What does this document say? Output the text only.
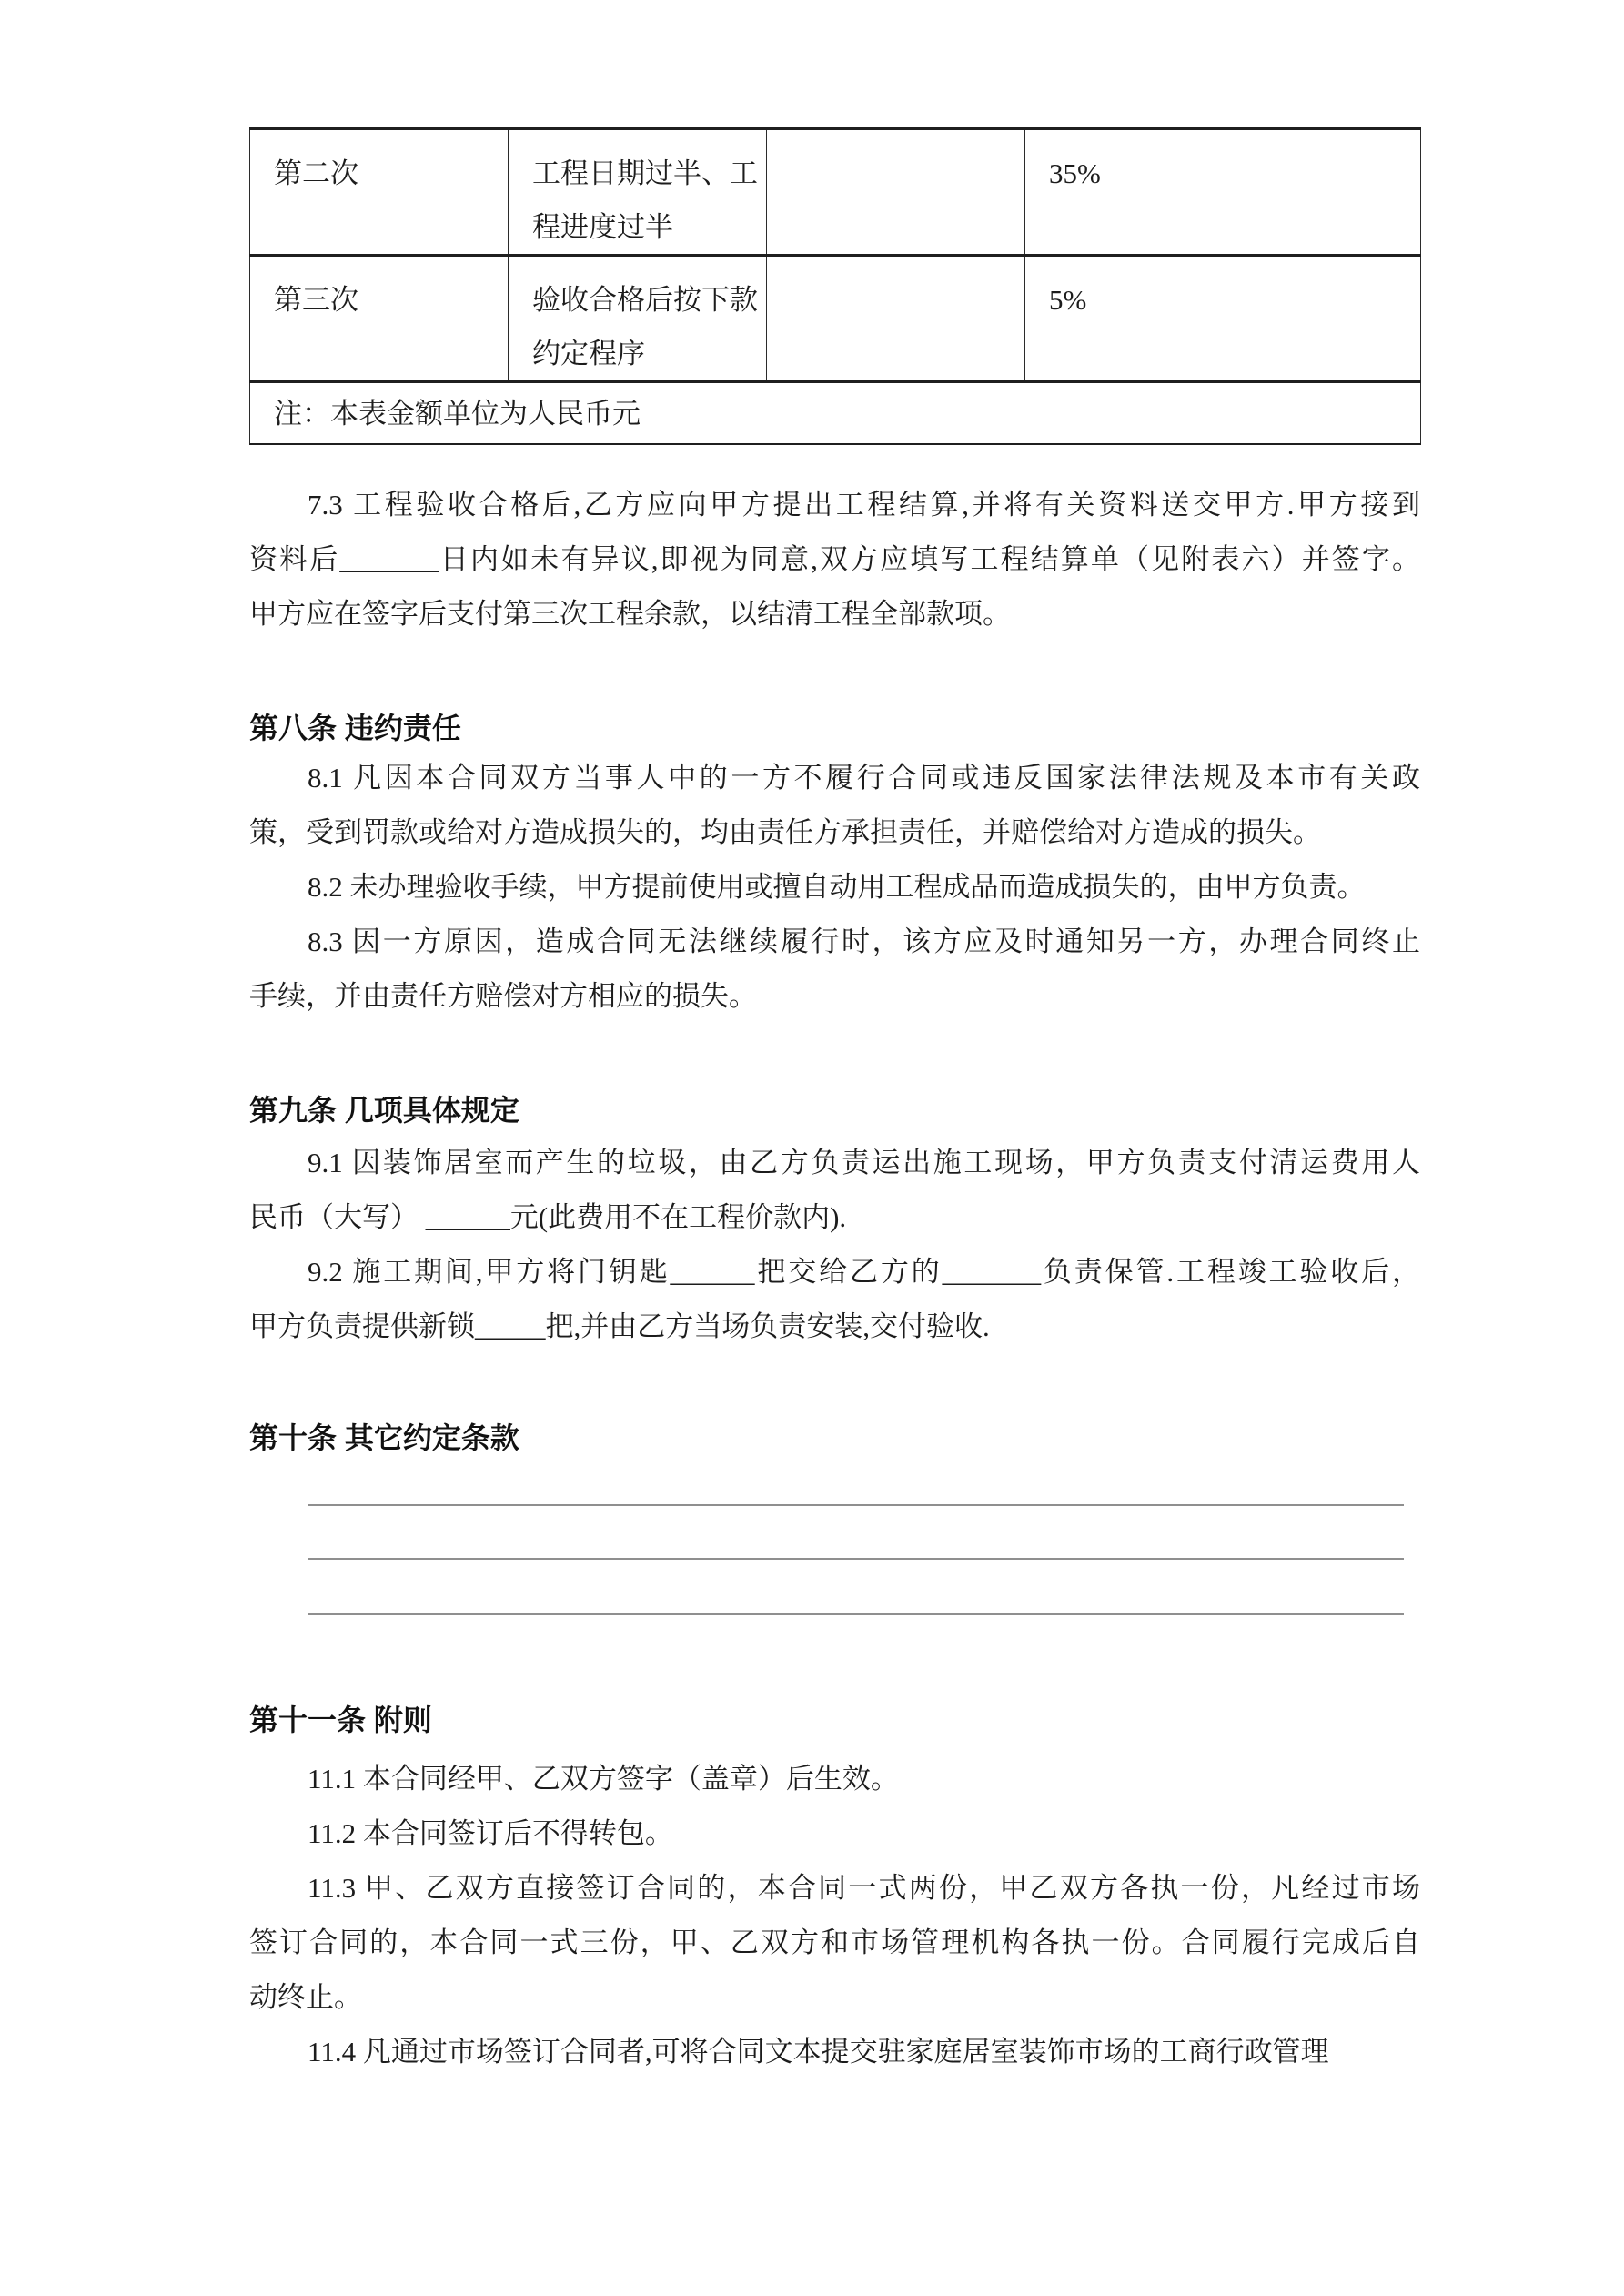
第二次	工程日期过半、工程进度过半		35%
第三次	验收合格后按下款约定程序		5%
注：本表金额单位为人民币元			
7.3 工程验收合格后,乙方应向甲方提出工程结算,并将有关资料送交甲方.甲方接到
资料后_______日内如未有异议,即视为同意,双方应填写工程结算单（见附表六）并签字。
甲方应在签字后支付第三次工程余款，以结清工程全部款项。
第八条 违约责任
8.1 凡因本合同双方当事人中的一方不履行合同或违反国家法律法规及本市有关政
策，受到罚款或给对方造成损失的，均由责任方承担责任，并赔偿给对方造成的损失。
8.2 未办理验收手续，甲方提前使用或擅自动用工程成品而造成损失的，由甲方负责。
8.3 因一方原因，造成合同无法继续履行时，该方应及时通知另一方，办理合同终止
手续，并由责任方赔偿对方相应的损失。
第九条 几项具体规定
9.1 因装饰居室而产生的垃圾，由乙方负责运出施工现场，甲方负责支付清运费用人
民币（大写） ______元(此费用不在工程价款内).
9.2 施工期间,甲方将门钥匙______把交给乙方的_______负责保管.工程竣工验收后，
甲方负责提供新锁_____把,并由乙方当场负责安装,交付验收.
第十条 其它约定条款
第十一条 附则
11.1 本合同经甲、乙双方签字（盖章）后生效。
11.2 本合同签订后不得转包。
11.3 甲、乙双方直接签订合同的，本合同一式两份，甲乙双方各执一份，凡经过市场
签订合同的，本合同一式三份，甲、乙双方和市场管理机构各执一份。合同履行完成后自
动终止。
11.4 凡通过市场签订合同者,可将合同文本提交驻家庭居室装饰市场的工商行政管理
